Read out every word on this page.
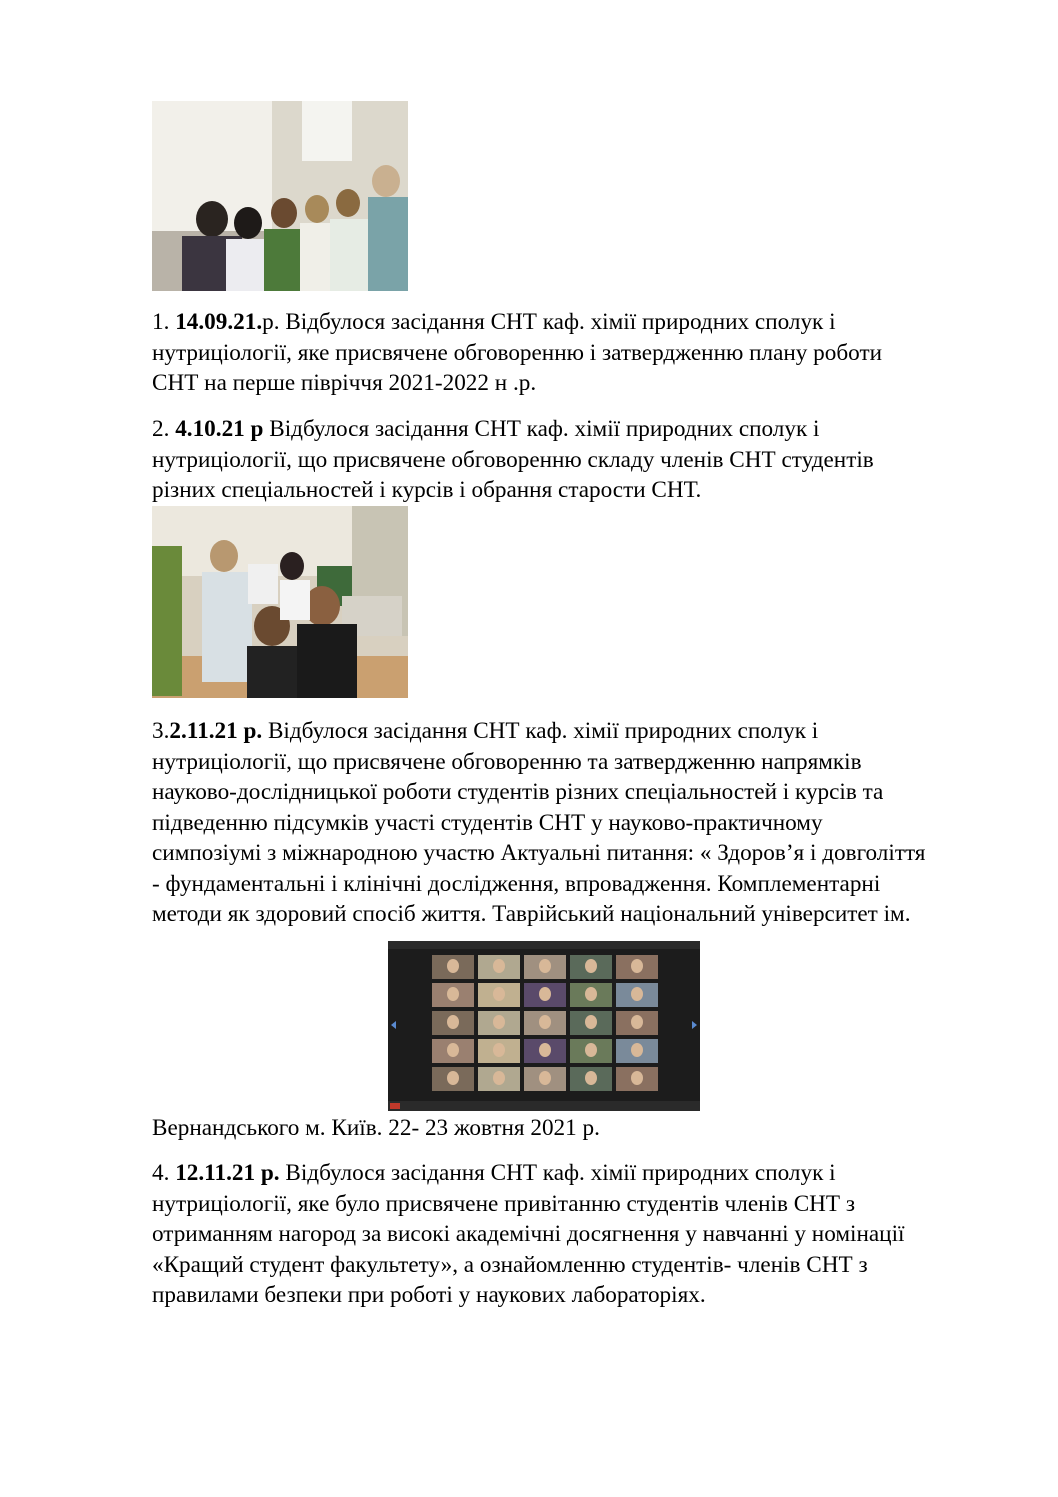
1. 14.09.21.р. Відбулося засідання СНТ каф. хімії природних сполук і
нутриціології, яке присвячене обговоренню і затвердженню плану роботи
СНТ на перше півріччя 2021-2022 н .р.

2. 4.10.21 р Відбулося засідання СНТ каф. хімії природних сполук і
нутриціології, що присвячене обговоренню складу членів СНТ студентів
різних спеціальностей і курсів і обрання старости СНТ.

3.2.11.21 р. Відбулося засідання СНТ каф. хімії природних сполук і
нутриціології, що присвячене обговоренню та затвердженню напрямків
науково-дослідницької роботи студентів різних спеціальностей і курсів та
підведенню підсумків участі студентів СНТ у науково-практичному
симпозіумі з міжнародною участю Актуальні питання: « Здоров’я і довголіття
- фундаментальні і клінічні дослідження, впровадження. Комплементарні
методи як здоровий спосіб життя. Таврійський національний університет ім.

Вернандського м. Київ. 22- 23 жовтня 2021 р.

4. 12.11.21 р. Відбулося засідання СНТ каф. хімії природних сполук і
нутриціології, яке було присвячене привітанню студентів членів СНТ з
отриманням нагород за високі академічні досягнення у навчанні у номінації
«Кращий студент факультету», а ознайомленню студентів- членів СНТ з
правилами безпеки при роботі у наукових лабораторіях.
